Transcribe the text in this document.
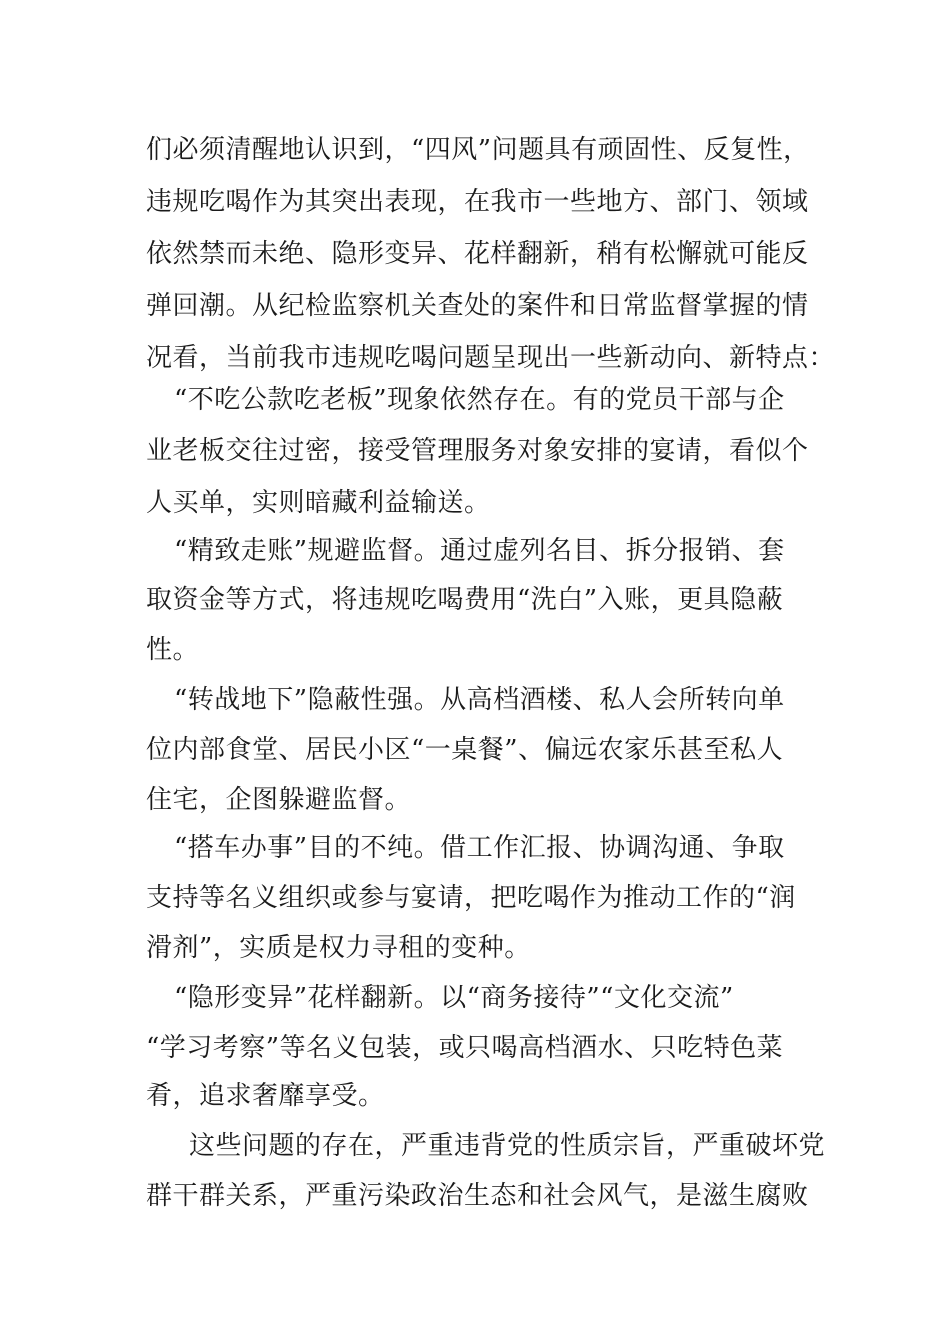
们必须清醒地认识到，“四风”问题具有顽固性、反复性，
违规吃喝作为其突出表现，在我市一些地方、部门、领域
依然禁而未绝、隐形变异、花样翻新，稍有松懈就可能反
弹回潮。从纪检监察机关查处的案件和日常监督掌握的情
况看，当前我市违规吃喝问题呈现出一些新动向、新特点：
“不吃公款吃老板”现象依然存在。有的党员干部与企
业老板交往过密，接受管理服务对象安排的宴请，看似个
人买单，实则暗藏利益输送。
“精致走账”规避监督。通过虚列名目、拆分报销、套
取资金等方式，将违规吃喝费用“洗白”入账，更具隐蔽
性。
“转战地下”隐蔽性强。从高档酒楼、私人会所转向单
位内部食堂、居民小区“一桌餐”、偏远农家乐甚至私人
住宅，企图躲避监督。
“搭车办事”目的不纯。借工作汇报、协调沟通、争取
支持等名义组织或参与宴请，把吃喝作为推动工作的“润
滑剂”，实质是权力寻租的变种。
“隐形变异”花样翻新。以“商务接待”“文化交流”
“学习考察”等名义包装，或只喝高档酒水、只吃特色菜
肴，追求奢靡享受。
这些问题的存在，严重违背党的性质宗旨，严重破坏党
群干群关系，严重污染政治生态和社会风气，是滋生腐败
